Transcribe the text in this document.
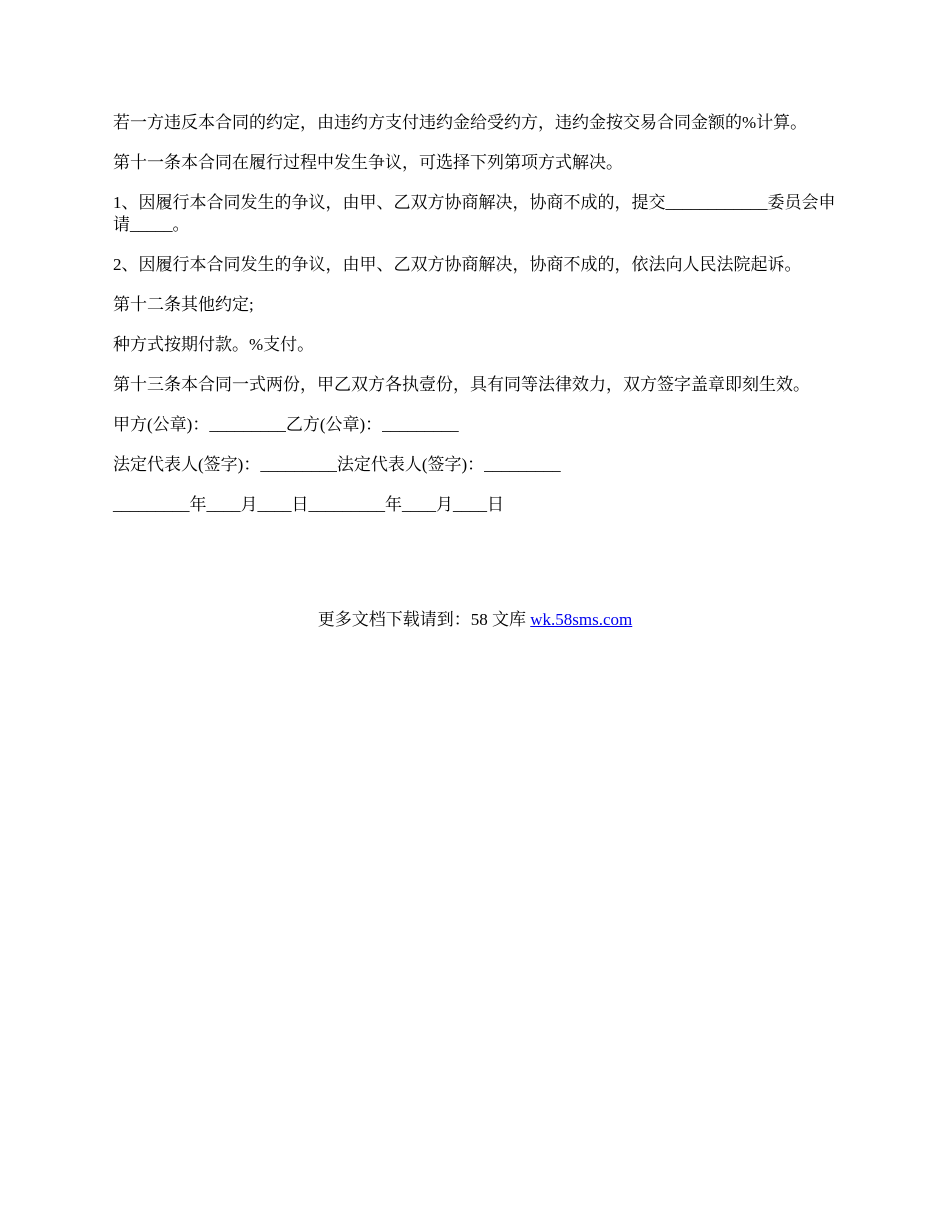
若一方违反本合同的约定，由违约方支付违约金给受约方，违约金按交易合同金额的%计算。

第十一条本合同在履行过程中发生争议，可选择下列第项方式解决。

1、因履行本合同发生的争议，由甲、乙双方协商解决，协商不成的，提交____________委员会申请_____。

2、因履行本合同发生的争议，由甲、乙双方协商解决，协商不成的，依法向人民法院起诉。

第十二条其他约定;

种方式按期付款。%支付。

第十三条本合同一式两份，甲乙双方各执壹份，具有同等法律效力，双方签字盖章即刻生效。

甲方(公章)：_________乙方(公章)：_________

法定代表人(签字)：_________法定代表人(签字)：_________

_________年____月____日_________年____月____日

更多文档下载请到：58 文库 wk.58sms.com
